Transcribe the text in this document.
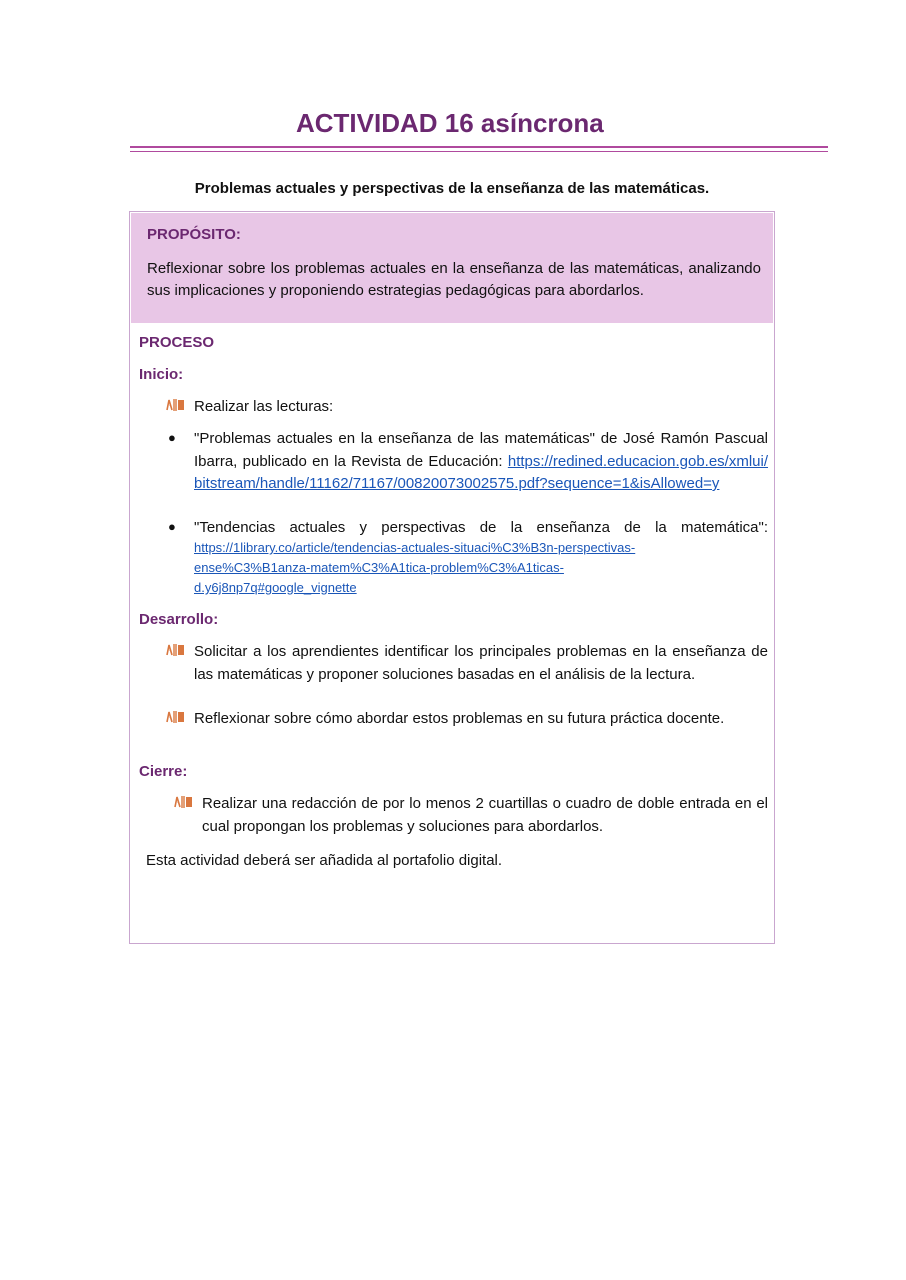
ACTIVIDAD 16 asíncrona
Problemas actuales y perspectivas de la enseñanza de las matemáticas.
PROPÓSITO:
Reflexionar sobre los problemas actuales en la enseñanza de las matemáticas, analizando sus implicaciones y proponiendo estrategias pedagógicas para abordarlos.
PROCESO
Inicio:
Realizar las lecturas:
● "Problemas actuales en la enseñanza de las matemáticas" de José Ramón Pascual Ibarra, publicado en la Revista de Educación: https://redined.educacion.gob.es/xmlui/bitstream/handle/11162/71167/00820073002575.pdf?sequence=1&isAllowed=y
● "Tendencias actuales y perspectivas de la enseñanza de la matemática":
https://1library.co/article/tendencias-actuales-situaci%C3%B3n-perspectivas-
ense%C3%B1anza-matem%C3%A1tica-problem%C3%A1ticas-
d.y6j8np7q#google_vignette
Desarrollo:
Solicitar a los aprendientes identificar los principales problemas en la enseñanza de las matemáticas y proponer soluciones basadas en el análisis de la lectura.
Reflexionar sobre cómo abordar estos problemas en su futura práctica docente.
Cierre:
Realizar una redacción de por lo menos 2 cuartillas o cuadro de doble entrada en el cual propongan los problemas y soluciones para abordarlos.
Esta actividad deberá ser añadida al portafolio digital.
